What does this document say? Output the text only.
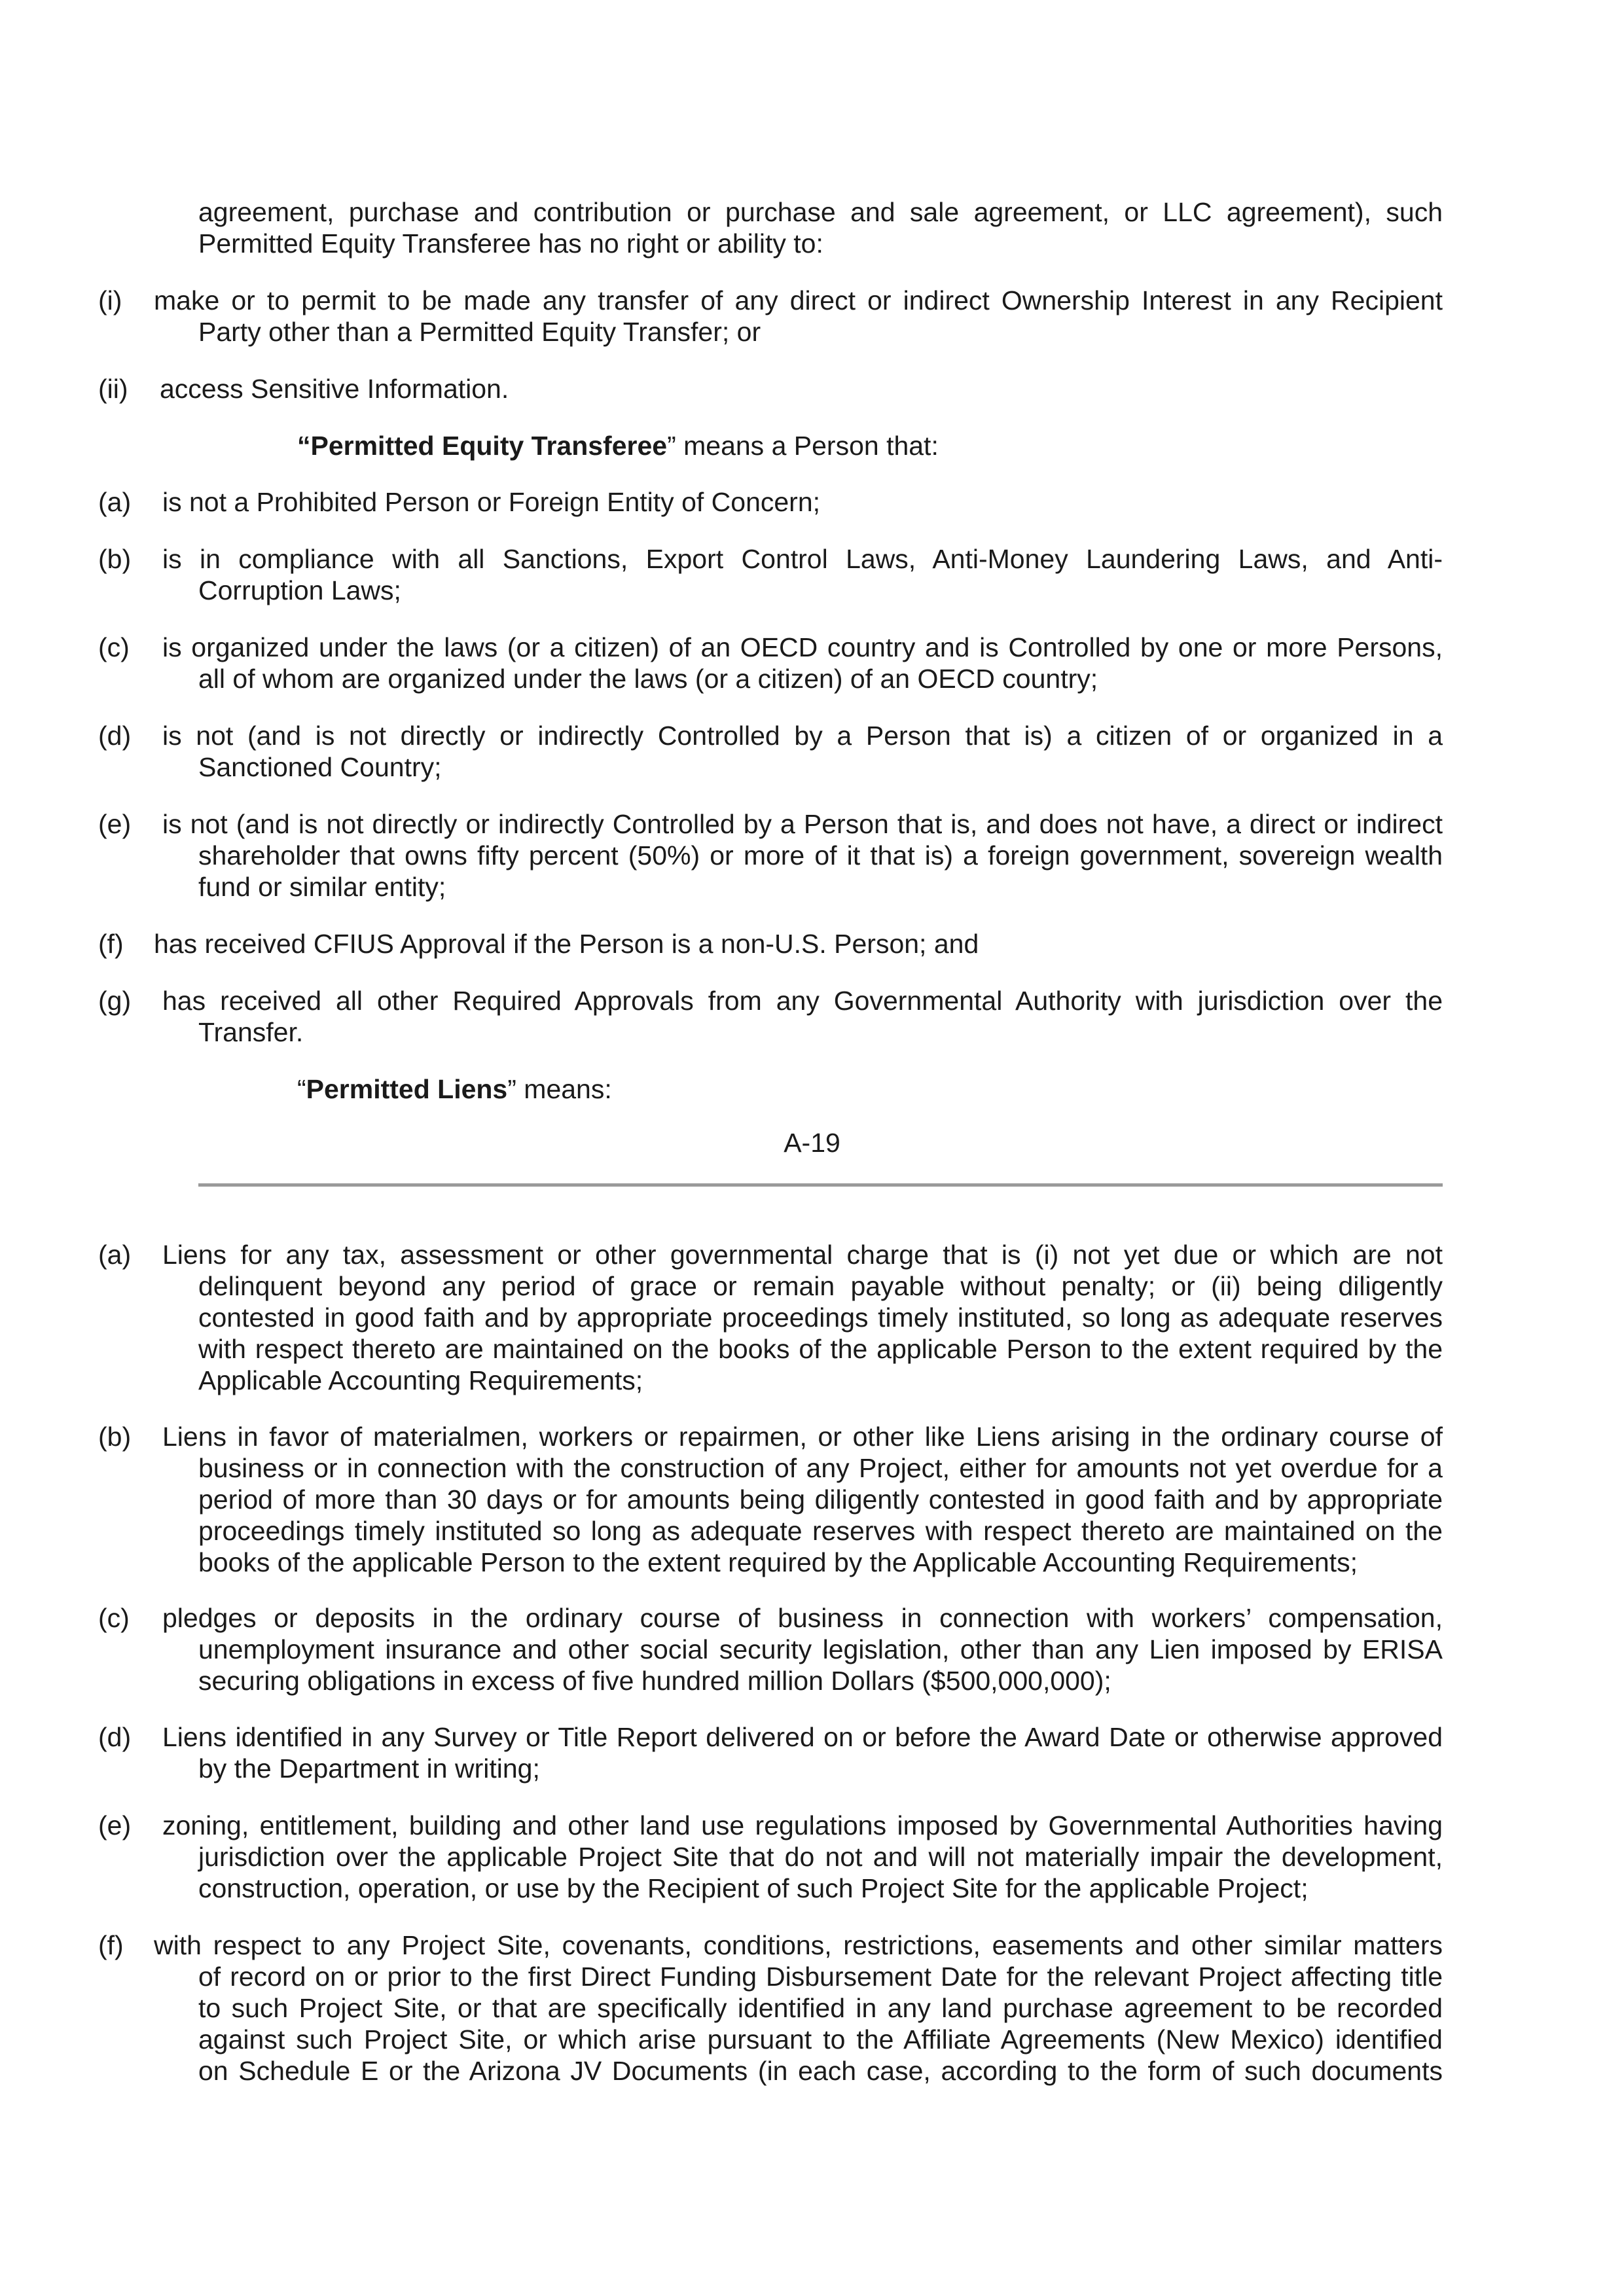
agreement, purchase and contribution or purchase and sale agreement, or LLC agreement), such
Permitted Equity Transferee has no right or ability to:
(i)	make or to permit to be made any transfer of any direct or indirect Ownership Interest in any Recipient
Party other than a Permitted Equity Transfer; or
(ii)	access Sensitive Information.
“Permitted Equity Transferee” means a Person that:
(a)	is not a Prohibited Person or Foreign Entity of Concern;
(b)	is in compliance with all Sanctions, Export Control Laws, Anti-Money Laundering Laws, and Anti-
Corruption Laws;
(c)	is organized under the laws (or a citizen) of an OECD country and is Controlled by one or more Persons,
all of whom are organized under the laws (or a citizen) of an OECD country;
(d)	is not (and is not directly or indirectly Controlled by a Person that is) a citizen of or organized in a
Sanctioned Country;
(e)	is not (and is not directly or indirectly Controlled by a Person that is, and does not have, a direct or indirect
shareholder that owns fifty percent (50%) or more of it that is) a foreign government, sovereign wealth
fund or similar entity;
(f)	has received CFIUS Approval if the Person is a non-U.S. Person; and
(g)	has received all other Required Approvals from any Governmental Authority with jurisdiction over the
Transfer.
“Permitted Liens” means:
A-19
(a)	Liens for any tax, assessment or other governmental charge that is (i) not yet due or which are not
delinquent beyond any period of grace or remain payable without penalty; or (ii) being diligently
contested in good faith and by appropriate proceedings timely instituted, so long as adequate reserves
with respect thereto are maintained on the books of the applicable Person to the extent required by the
Applicable Accounting Requirements;
(b)	Liens in favor of materialmen, workers or repairmen, or other like Liens arising in the ordinary course of
business or in connection with the construction of any Project, either for amounts not yet overdue for a
period of more than 30 days or for amounts being diligently contested in good faith and by appropriate
proceedings timely instituted so long as adequate reserves with respect thereto are maintained on the
books of the applicable Person to the extent required by the Applicable Accounting Requirements;
(c)	pledges or deposits in the ordinary course of business in connection with workers’ compensation,
unemployment insurance and other social security legislation, other than any Lien imposed by ERISA
securing obligations in excess of five hundred million Dollars ($500,000,000);
(d)	Liens identified in any Survey or Title Report delivered on or before the Award Date or otherwise approved
by the Department in writing;
(e)	zoning, entitlement, building and other land use regulations imposed by Governmental Authorities having
jurisdiction over the applicable Project Site that do not and will not materially impair the development,
construction, operation, or use by the Recipient of such Project Site for the applicable Project;
(f)	with respect to any Project Site, covenants, conditions, restrictions, easements and other similar matters
of record on or prior to the first Direct Funding Disbursement Date for the relevant Project affecting title
to such Project Site, or that are specifically identified in any land purchase agreement to be recorded
against such Project Site, or which arise pursuant to the Affiliate Agreements (New Mexico) identified
on Schedule E or the Arizona JV Documents (in each case, according to the form of such documents
